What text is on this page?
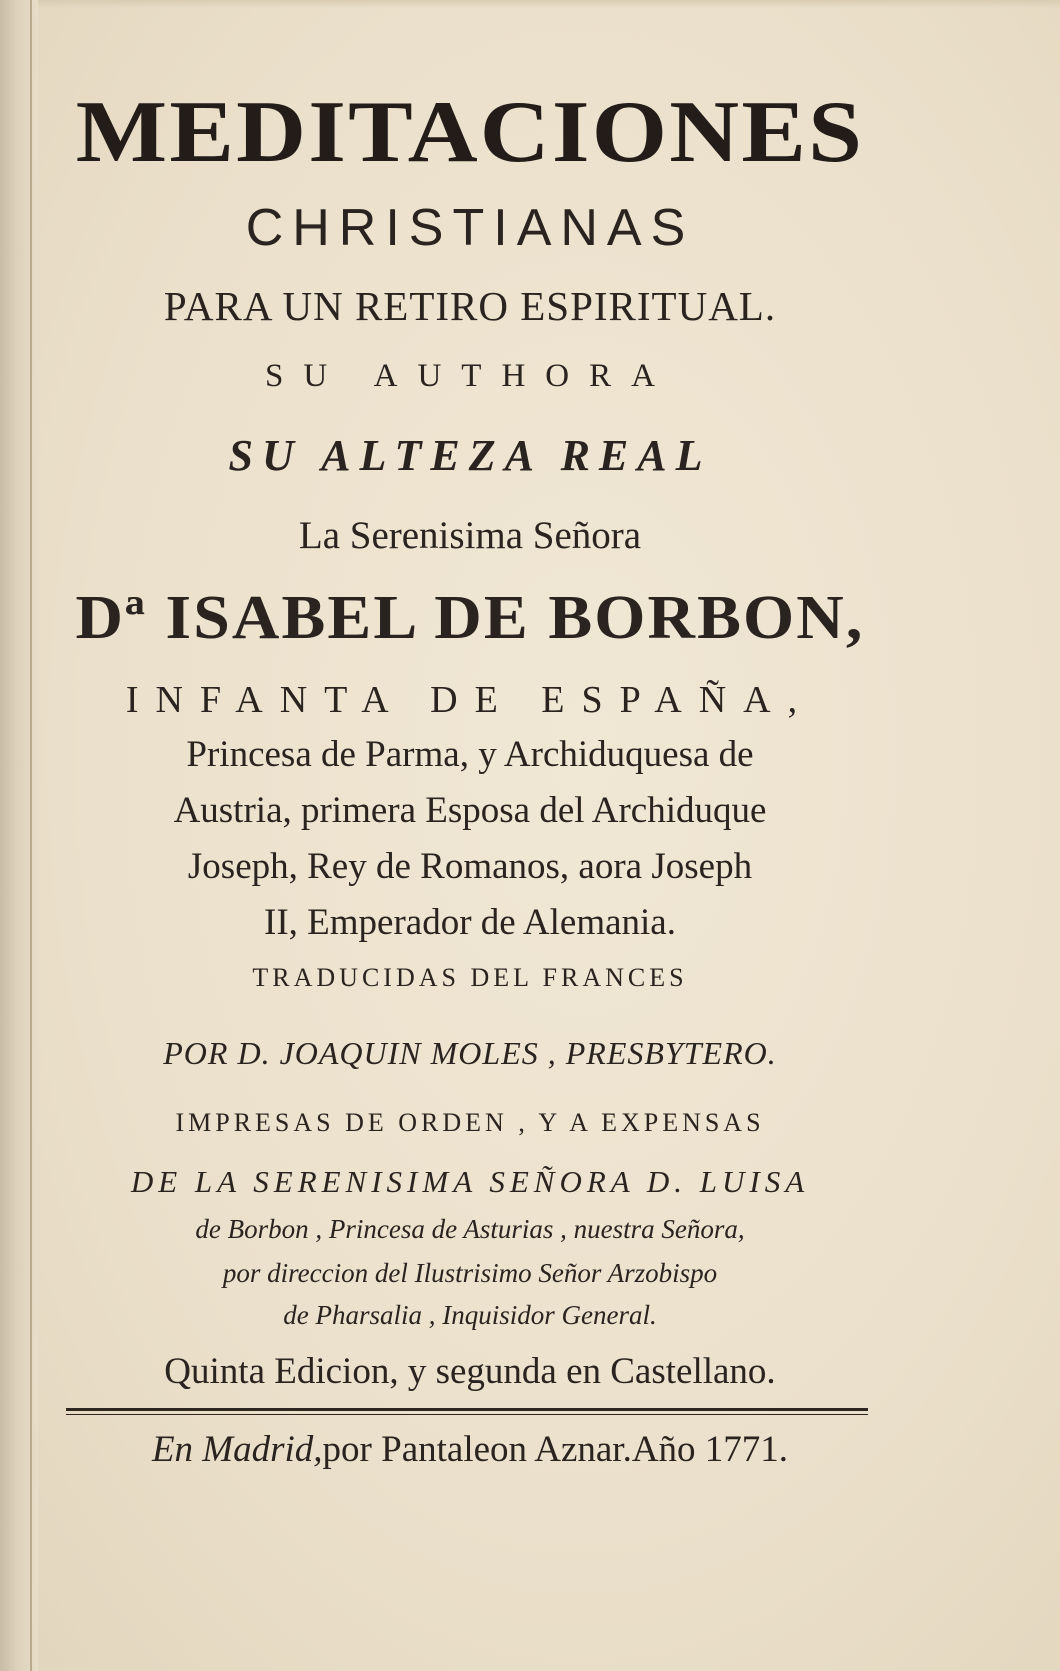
MEDITACIONES
CHRISTIANAS
PARA UN RETIRO ESPIRITUAL.
SU AUTHORA
SU ALTEZA REAL
La Serenisima Señora
Dª ISABEL DE BORBON,
INFANTA DE ESPAÑA,
Princesa de Parma, y Archiduquesa de
Austria, primera Esposa del Archiduque
Joseph, Rey de Romanos, aora Joseph
II, Emperador de Alemania.
TRADUCIDAS DEL FRANCES
POR D. JOAQUIN MOLES , PRESBYTERO.
IMPRESAS DE ORDEN , Y A EXPENSAS
DE LA SERENISIMA SEÑORA D. LUISA
de Borbon , Princesa de Asturias , nuestra Señora,
por direccion del Ilustrisimo Señor Arzobispo
de Pharsalia , Inquisidor General.
Quinta Edicion, y segunda en Castellano.
En Madrid,por Pantaleon Aznar.Año 1771.
